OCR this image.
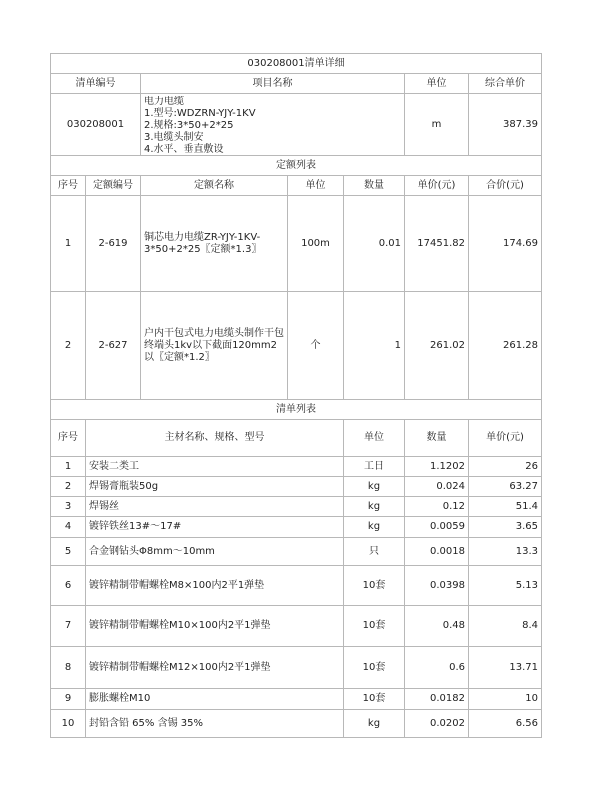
030208001清单详细							
清单编号		项目名称			单位	综合单价	
030208001		电力电缆
1.型号:WDZRN-YJY-1KV
2.规格:3*50+2*25
3.电缆头制安
4.水平、垂直敷设			m	387.39	
定额列表							
序号	定额编号	定额名称	单位	数量	单价(元)	合价(元)	
1	2-619	铜芯电力电缆ZR-YJY-1KV-3*50+2*25〖定额*1.3〗	100m	0.01	17451.82	174.69	
2	2-627	户内干包式电力电缆头制作干包终端头1kv以下截面120mm2以〖定额*1.2〗	个	1	261.02	261.28	
清单列表							
序号	主材名称、规格、型号			单位	数量	单价(元)	
1	安装二类工			工日	1.1202	26	
2	焊锡膏瓶装50g			kg	0.024	63.27	
3	焊锡丝			kg	0.12	51.4	
4	镀锌铁丝13#～17#			kg	0.0059	3.65	
5	合金钢钻头Φ8mm～10mm			只	0.0018	13.3	
6	镀锌精制带帽螺栓M8×100内2平1弹垫			10套	0.0398	5.13	
7	镀锌精制带帽螺栓M10×100内2平1弹垫			10套	0.48	8.4	
8	镀锌精制带帽螺栓M12×100内2平1弹垫			10套	0.6	13.71	
9	膨胀螺栓M10			10套	0.0182	10	
10	封铅含铅 65% 含锡 35%			kg	0.0202	6.56	
